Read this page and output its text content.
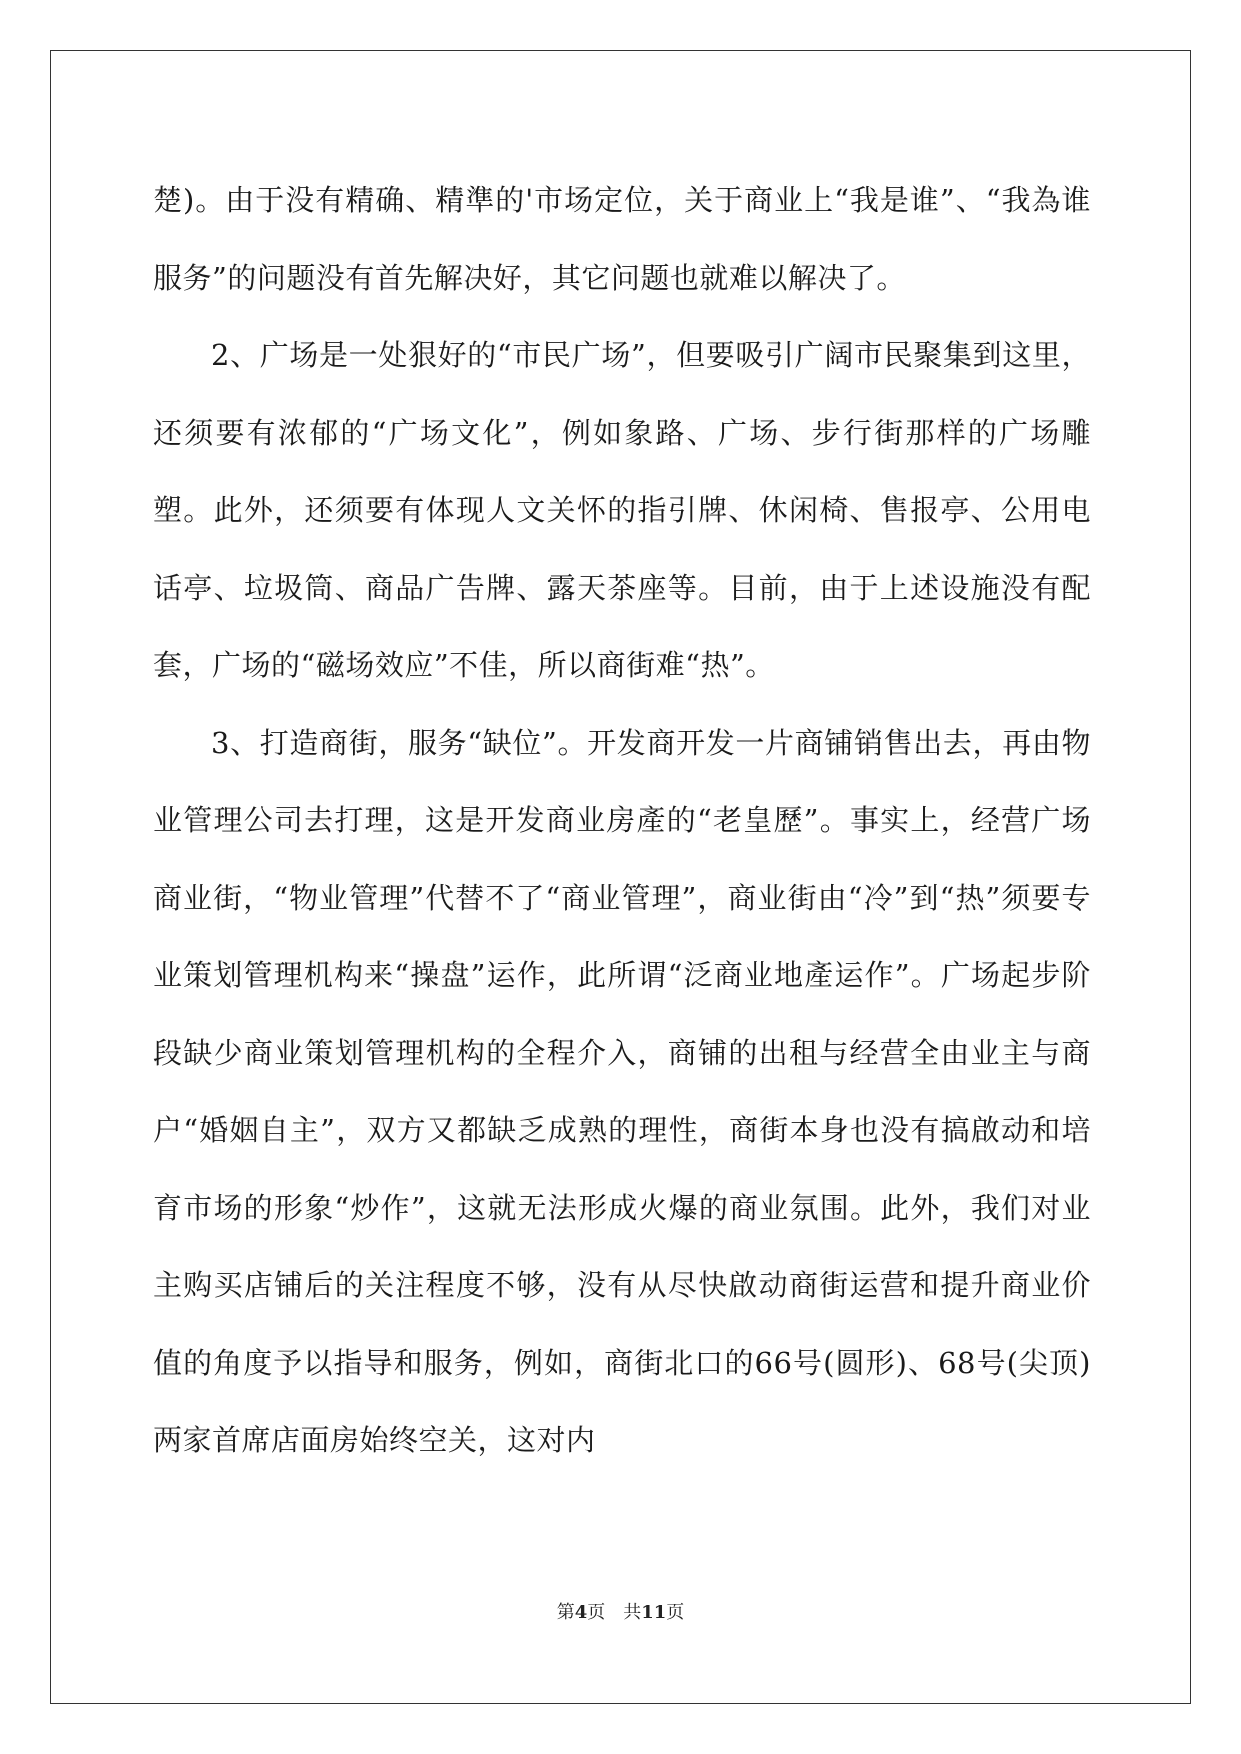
楚)。由于没有精确、精準的'市场定位，关于商业上“我是谁”、“我為谁服务”的问题没有首先解决好，其它问题也就难以解决了。

2、广场是一处狠好的“市民广场”，但要吸引广阔市民聚集到这里，还须要有浓郁的“广场文化”，例如象路、广场、步行街那样的广场雕塑。此外，还须要有体现人文关怀的指引牌、休闲椅、售报亭、公用电话亭、垃圾筒、商品广告牌、露天茶座等。目前，由于上述设施没有配套，广场的“磁场效应”不佳，所以商街难“热”。

3、打造商街，服务“缺位”。开发商开发一片商铺销售出去，再由物业管理公司去打理，这是开发商业房產的“老皇歷”。事实上，经营广场商业街，“物业管理”代替不了“商业管理”，商业街由“冷”到“热”须要专业策划管理机构来“操盘”运作，此所谓“泛商业地產运作”。广场起步阶段缺少商业策划管理机构的全程介入，商铺的出租与经营全由业主与商户“婚姻自主”，双方又都缺乏成熟的理性，商街本身也没有搞啟动和培育市场的形象“炒作”，这就无法形成火爆的商业氛围。此外，我们对业主购买店铺后的关注程度不够，没有从尽快啟动商街运营和提升商业价值的角度予以指导和服务，例如，商街北口的66号(圆形)、68号(尖顶)两家首席店面房始终空关，这对内

第4页 共11页
